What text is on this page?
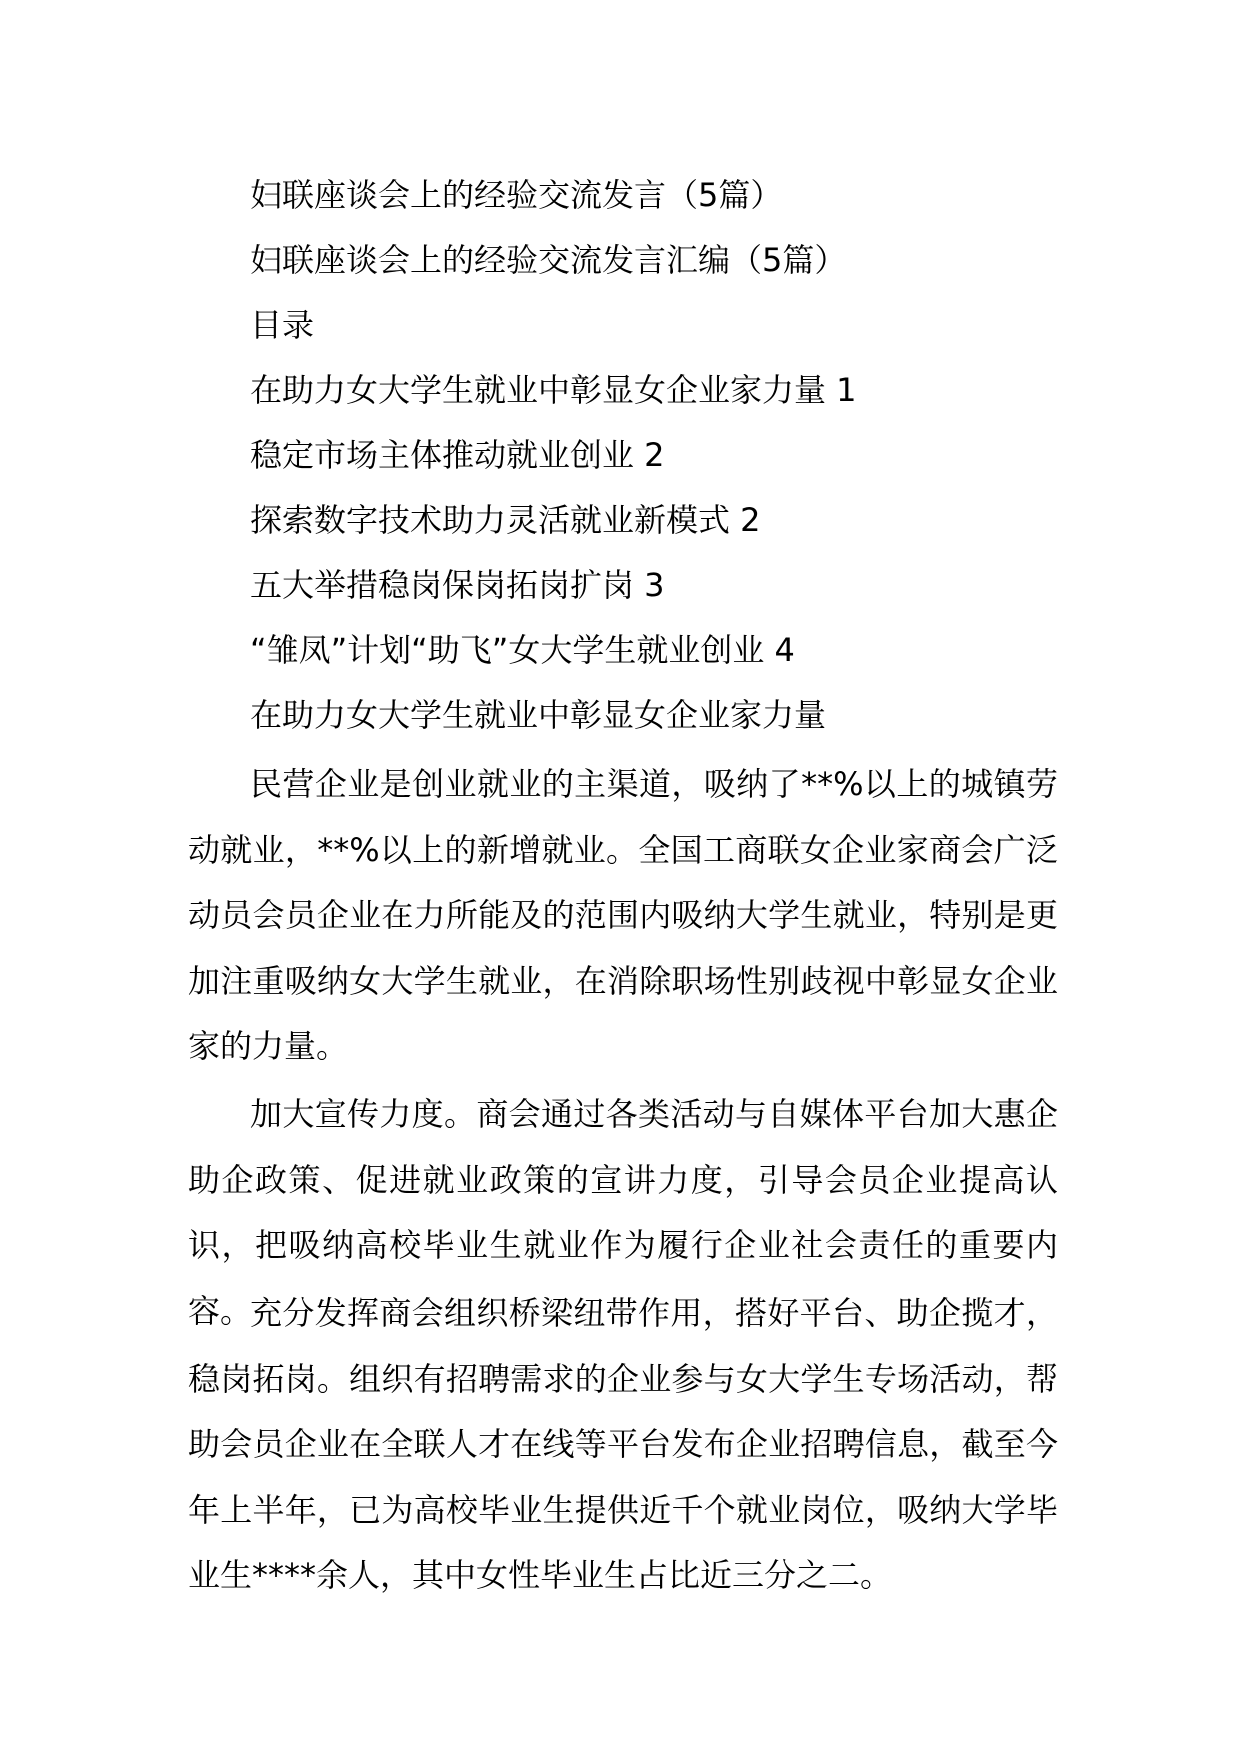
妇联座谈会上的经验交流发言（5篇）
妇联座谈会上的经验交流发言汇编（5篇）
目录
在助力女大学生就业中彰显女企业家力量 1
稳定市场主体推动就业创业 2
探索数字技术助力灵活就业新模式 2
五大举措稳岗保岗拓岗扩岗 3
“雏凤”计划“助飞”女大学生就业创业 4
在助力女大学生就业中彰显女企业家力量

民营企业是创业就业的主渠道，吸纳了**%以上的城镇劳动就业，**%以上的新增就业。全国工商联女企业家商会广泛动员会员企业在力所能及的范围内吸纳大学生就业，特别是更加注重吸纳女大学生就业，在消除职场性别歧视中彰显女企业家的力量。

加大宣传力度。商会通过各类活动与自媒体平台加大惠企助企政策、促进就业政策的宣讲力度，引导会员企业提高认识，把吸纳高校毕业生就业作为履行企业社会责任的重要内容。

充分发挥商会组织桥梁纽带作用，搭好平台、助企揽才，稳岗拓岗。组织有招聘需求的企业参与女大学生专场活动，帮助会员企业在全联人才在线等平台发布企业招聘信息，截至今年上半年，已为高校毕业生提供近千个就业岗位，吸纳大学毕业生****余人，其中女性毕业生占比近三分之二。
